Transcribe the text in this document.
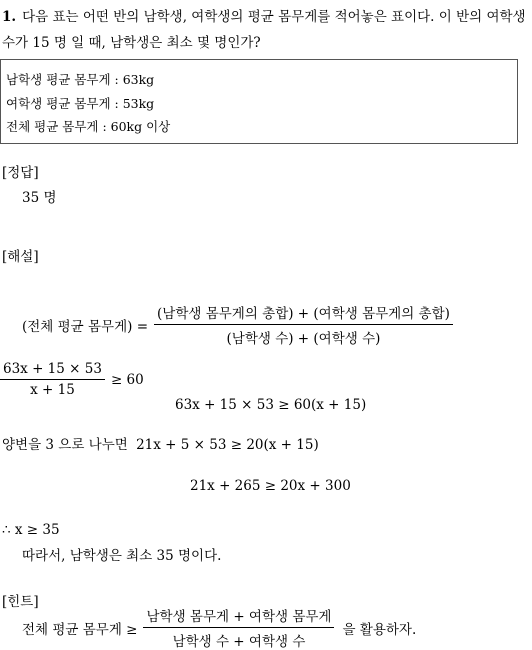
1. 다음 표는 어떤 반의 남학생, 여학생의 평균 몸무게를 적어놓은 표이다. 이 반의 여학생 수가 15 명 일 때, 남학생은 최소 몇 명인가?
남학생 평균 몸무게 : 63kg
여학생 평균 몸무게 : 53kg
전체 평균 몸무게 : 60kg 이상
[정답]
35 명
[해설]
(전체 평균 몸무게) = $\frac{\text{(남학생 몸무게의 총합) + (여학생 몸무게의 총합)}}{\text{(남학생 수) + (여학생 수)}}$
$\frac{63x + 15 \times 53}{x + 15} \ge 60$
63x + 15 × 53 ≥ 60(x + 15)
양변을 3 으로 나누면 21x + 5 × 53 ≥ 20(x + 15)
21x + 265 ≥ 20x + 300
∴ x ≥ 35
따라서, 남학생은 최소 35 명이다.
[힌트]
전체 평균 몸무게 ≥ $\frac{\text{남학생 몸무게 + 여학생 몸무게}}{\text{남학생 수 + 여학생 수}}$ 을 활용하자.
